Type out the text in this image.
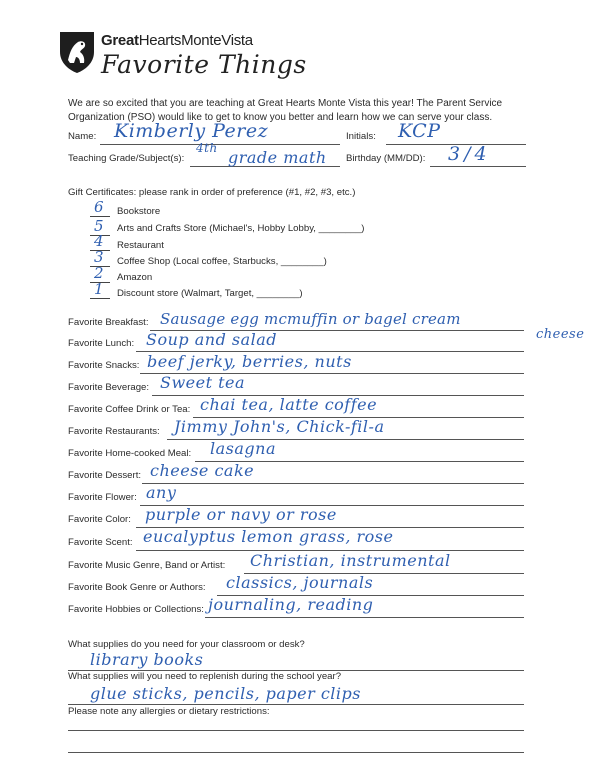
GreatHeartsMonteVista
Favorite Things
We are so excited that you are teaching at Great Hearts Monte Vista this year! The Parent Service
Organization (PSO) would like to get to know you better and learn how we can serve your class.
Name: Kimberly Perez	Initials: KCP
Teaching Grade/Subject(s):
4th grade math Birthday (MM/DD): 3/4
Gift Certificates: please rank in order of preference (#1, #2, #3, etc.)
6 Bookstore
5 Arts and Crafts Store (Michael's, Hobby Lobby, ________)
4 Restaurant
3 Coffee Shop (Local coffee, Starbucks, ________)
2 Amazon
1 Discount store (Walmart, Target, ________)
Favorite Breakfast: Sausage egg mcmuffin or bagel cream
cheese
Favorite Lunch: Soup and salad
Favorite Snacks: beef jerky, berries, nuts
Favorite Beverage: Sweet tea
Favorite Coffee Drink or Tea: chai tea, latte coffee
Favorite Restaurants: Jimmy John's, Chick-fil-a
Favorite Home-cooked Meal: lasagna
Favorite Dessert: cheese cake
Favorite Flower: any
Favorite Color: purple or navy or rose
Favorite Scent: eucalyptus lemon grass, rose
Favorite Music Genre, Band or Artist: Christian, instrumental
Favorite Book Genre or Authors: classics, journals
Favorite Hobbies or Collections: journaling, reading
What supplies do you need for your classroom or desk?
library books
What supplies will you need to replenish during the school year?
glue sticks, pencils, paper clips
Please note any allergies or dietary restrictions:
